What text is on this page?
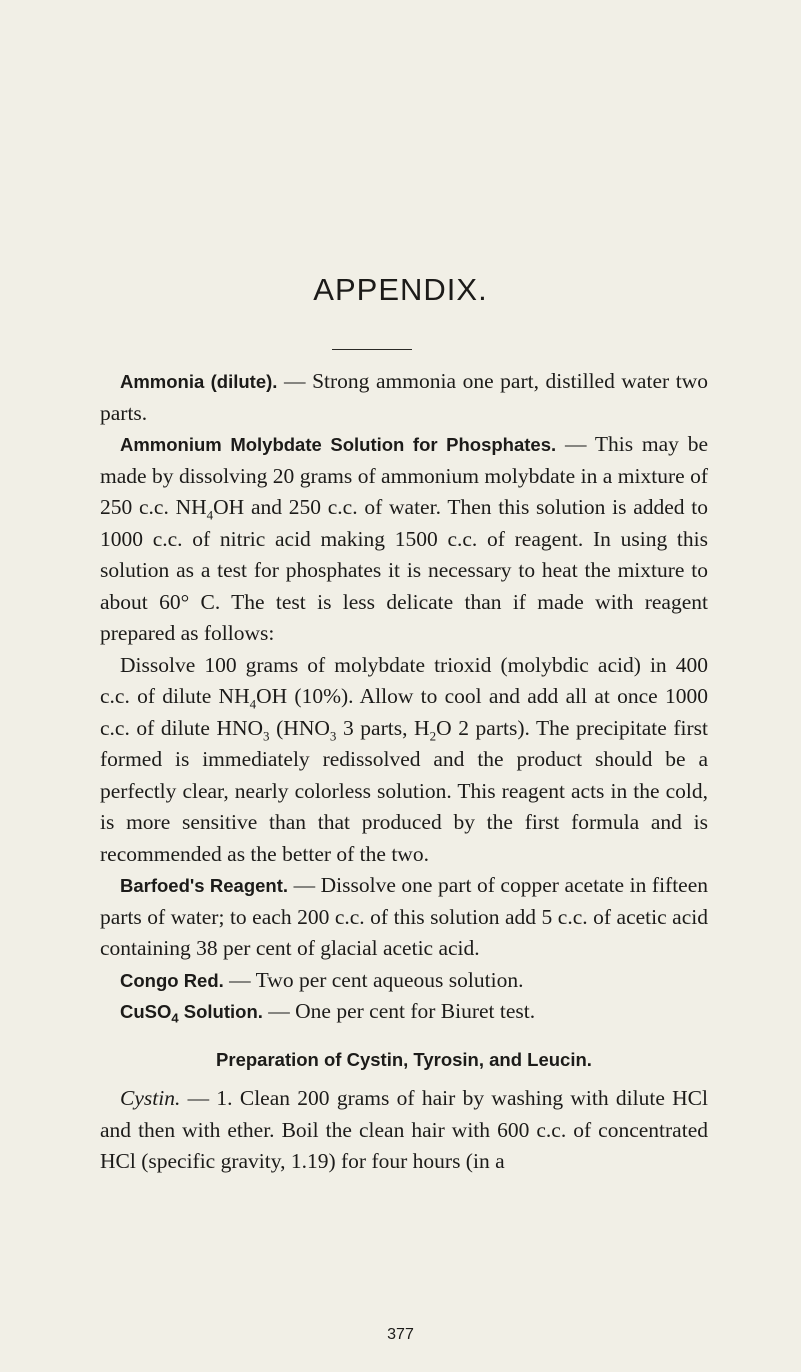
APPENDIX.

Ammonia (dilute). — Strong ammonia one part, distilled water two parts.

Ammonium Molybdate Solution for Phosphates. — This may be made by dissolving 20 grams of ammonium molybdate in a mixture of 250 c.c. $NH_4OH$ and 250 c.c. of water. Then this solution is added to 1000 c.c. of nitric acid making 1500 c.c. of reagent. In using this solution as a test for phosphates it is necessary to heat the mixture to about 60° C. The test is less delicate than if made with reagent prepared as follows:

Dissolve 100 grams of molybdate trioxid (molybdic acid) in 400 c.c. of dilute $NH_4OH$ (10%). Allow to cool and add all at once 1000 c.c. of dilute $HNO_3$ ($HNO_3$ 3 parts, $H_2O$ 2 parts). The precipitate first formed is immediately redissolved and the product should be a perfectly clear, nearly colorless solution. This reagent acts in the cold, is more sensitive than that produced by the first formula and is recommended as the better of the two.

Barfoed's Reagent. — Dissolve one part of copper acetate in fifteen parts of water; to each 200 c.c. of this solution add 5 c.c. of acetic acid containing 38 per cent of glacial acetic acid.

Congo Red. — Two per cent aqueous solution.

CuSO$_4$ Solution. — One per cent for Biuret test.

Preparation of Cystin, Tyrosin, and Leucin.

Cystin. — 1. Clean 200 grams of hair by washing with dilute HCl and then with ether. Boil the clean hair with 600 c.c. of concentrated HCl (specific gravity, 1.19) for four hours (in a

377
